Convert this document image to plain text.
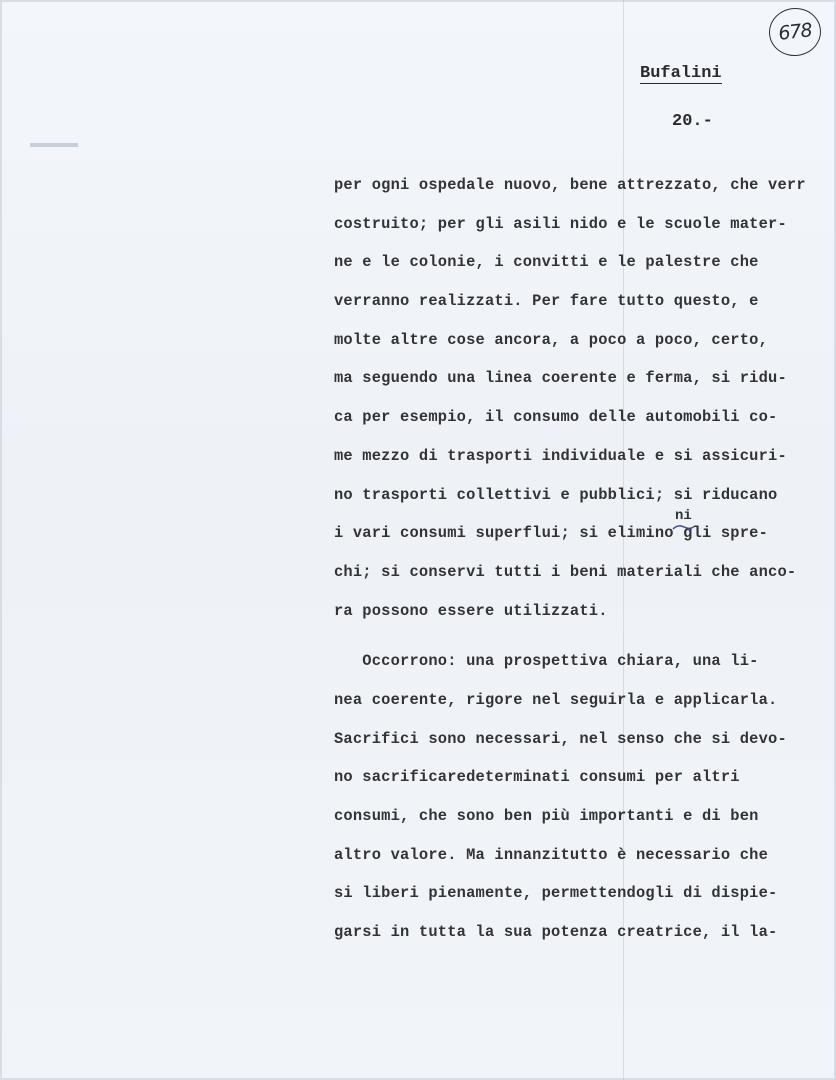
678
Bufalini
20.-
ni
per ogni ospedale nuovo, bene attrezzato, che verr
costruito; per gli asili nido e le scuole mater-
ne e le colonie, i convitti e le palestre che
verranno realizzati. Per fare tutto questo, e
molte altre cose ancora, a poco a poco, certo,
ma seguendo una linea coerente e ferma, si ridu-
ca per esempio, il consumo delle automobili co-
me mezzo di trasporti individuale e si assicuri-
no trasporti collettivi e pubblici; si riducano
i vari consumi superflui; si elimino gli spre-
chi; si conservi tutti i beni materiali che anco-
ra possono essere utilizzati.
Occorrono: una prospettiva chiara, una li-
nea coerente, rigore nel seguirla e applicarla.
Sacrifici sono necessari, nel senso che si devo-
no sacrificaredeterminati consumi per altri
consumi, che sono ben più importanti e di ben
altro valore. Ma innanzitutto è necessario che
si liberi pienamente, permettendogli di dispie-
garsi in tutta la sua potenza creatrice, il la-
